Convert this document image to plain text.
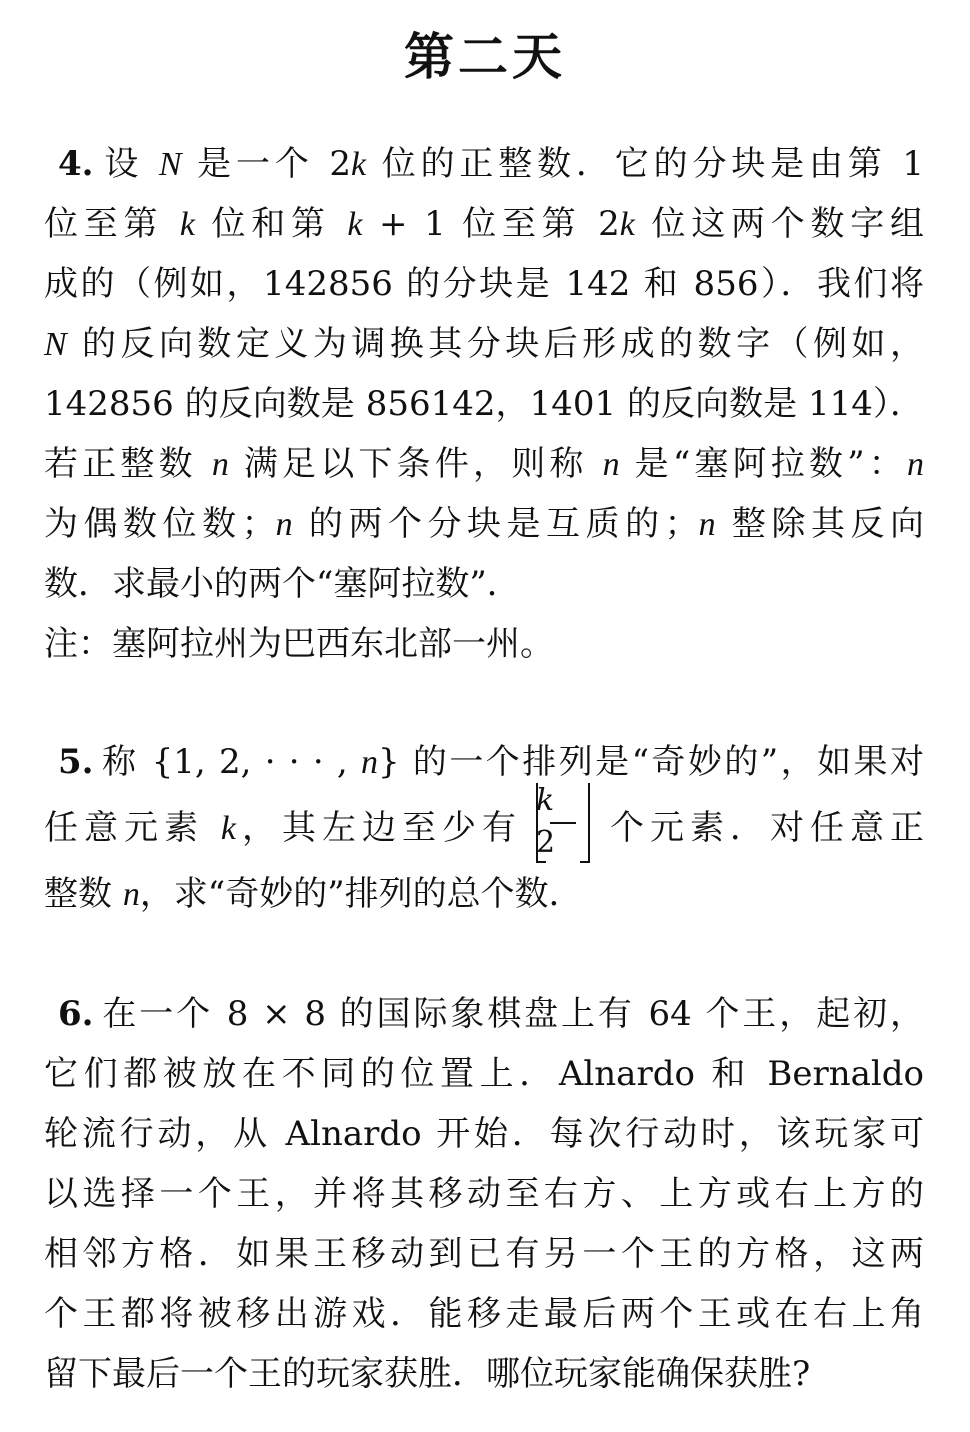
第二天
4. 设 N 是一个 2k 位的正整数．它的分块是由第 1
位至第 k 位和第 k + 1 位至第 2k 位这两个数字组
成的（例如，142856 的分块是 142 和 856）．我们将
N 的反向数定义为调换其分块后形成的数字（例如，
142856 的反向数是 856142，1401 的反向数是 114）．
若正整数 n 满足以下条件，则称 n 是“塞阿拉数”：n
为偶数位数；n 的两个分块是互质的；n 整除其反向
数．求最小的两个“塞阿拉数”．
注：塞阿拉州为巴西东北部一州。
5. 称 {1, 2, · · · , n} 的一个排列是“奇妙的”，如果对
任意元素 k，其左边至少有 $\frac{k}{2}$ 个元素．对任意正
整数 n，求“奇妙的”排列的总个数．
6. 在一个 8 × 8 的国际象棋盘上有 64 个王，起初，
它们都被放在不同的位置上．Alnardo 和 Bernaldo
轮流行动，从 Alnardo 开始．每次行动时，该玩家可
以选择一个王，并将其移动至右方、上方或右上方的
相邻方格．如果王移动到已有另一个王的方格，这两
个王都将被移出游戏．能移走最后两个王或在右上角
留下最后一个王的玩家获胜．哪位玩家能确保获胜?
